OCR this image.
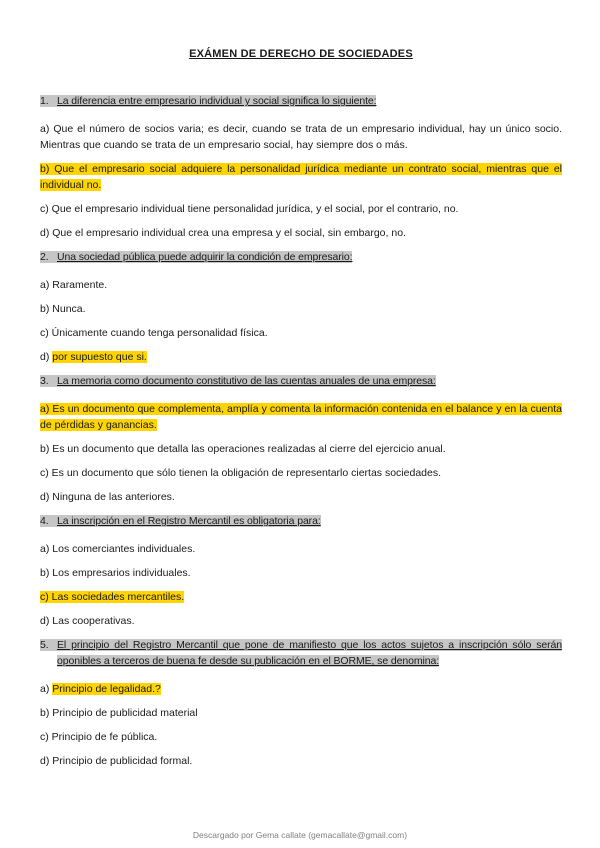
EXÁMEN DE DERECHO DE SOCIEDADES
1. La diferencia entre empresario individual y social significa lo siguiente:

a) Que el número de socios varia; es decir, cuando se trata de un empresario individual, hay un único socio. Mientras que cuando se trata de un empresario social, hay siempre dos o más.

b) Que el empresario social adquiere la personalidad jurídica mediante un contrato social, mientras que el individual no.

c) Que el empresario individual tiene personalidad jurídica, y el social, por el contrario, no.

d) Que el empresario individual crea una empresa y el social, sin embargo, no.

2. Una sociedad pública puede adquirir la condición de empresario:

a) Raramente.

b) Nunca.

c) Únicamente cuando tenga personalidad física.

d) por supuesto que si.

3. La memoria como documento constitutivo de las cuentas anuales de una empresa:

a) Es un documento que complementa, amplía y comenta la información contenida en el balance y en la cuenta de pérdidas y ganancias.

b) Es un documento que detalla las operaciones realizadas al cierre del ejercicio anual.

c) Es un documento que sólo tienen la obligación de representarlo ciertas sociedades.

d) Ninguna de las anteriores.

4. La inscripción en el Registro Mercantil es obligatoria para:

a) Los comerciantes individuales.

b) Los empresarios individuales.

c) Las sociedades mercantiles.

d) Las cooperativas.

5. El principio del Registro Mercantil que pone de manifiesto que los actos sujetos a inscripción sólo serán oponibles a terceros de buena fe desde su publicación en el BORME, se denomina:

a) Principio de legalidad.?

b) Principio de publicidad material

c) Principio de fe pública.

d) Principio de publicidad formal.

Descargado por Gema callate (gemacallate@gmail.com)
